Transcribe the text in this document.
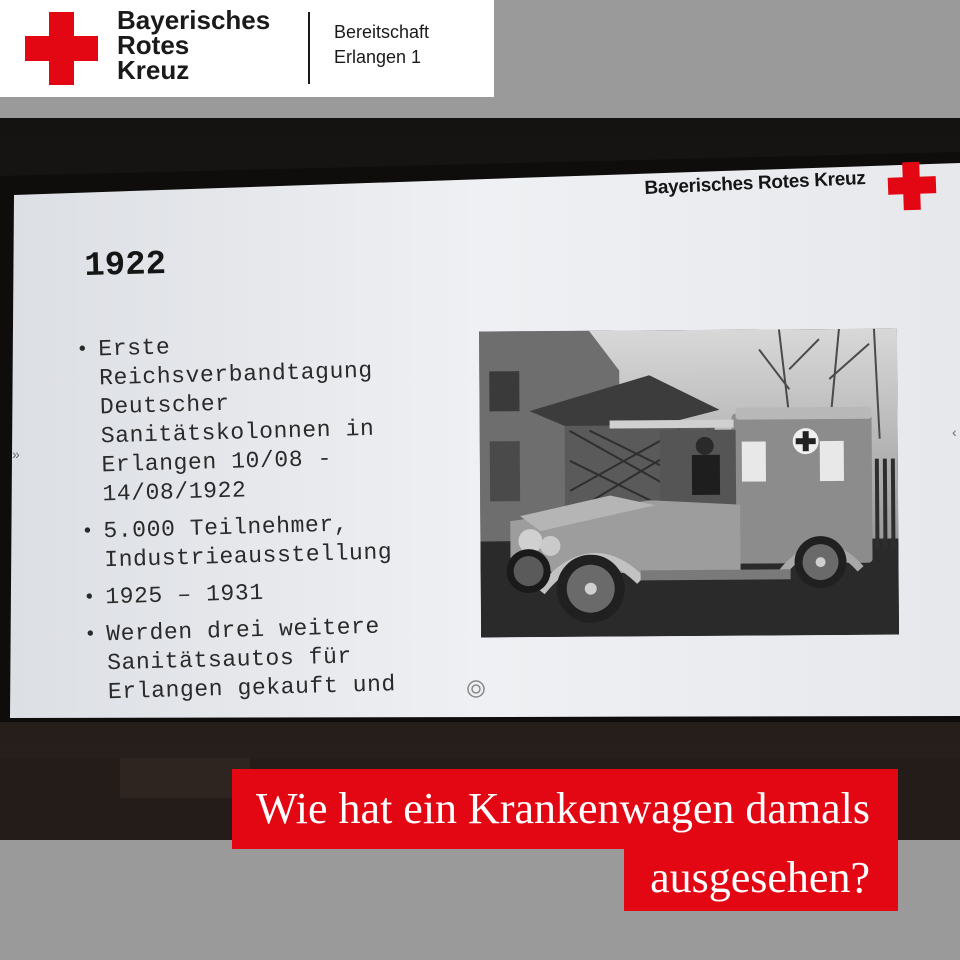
Bayerisches Rotes Kreuz
1922
• Erste
Reichsverbandtagung
Deutscher
Sanitätskolonnen in
Erlangen 10/08 -
14/08/1922
• 5.000 Teilnehmer,
Industrieausstellung
• 1925 – 1931
• Werden drei weitere
Sanitätsautos für
Erlangen gekauft und
»
‹
Bayerisches
Rotes
Kreuz
Bereitschaft
Erlangen 1
Wie hat ein Krankenwagen damals
ausgesehen?
